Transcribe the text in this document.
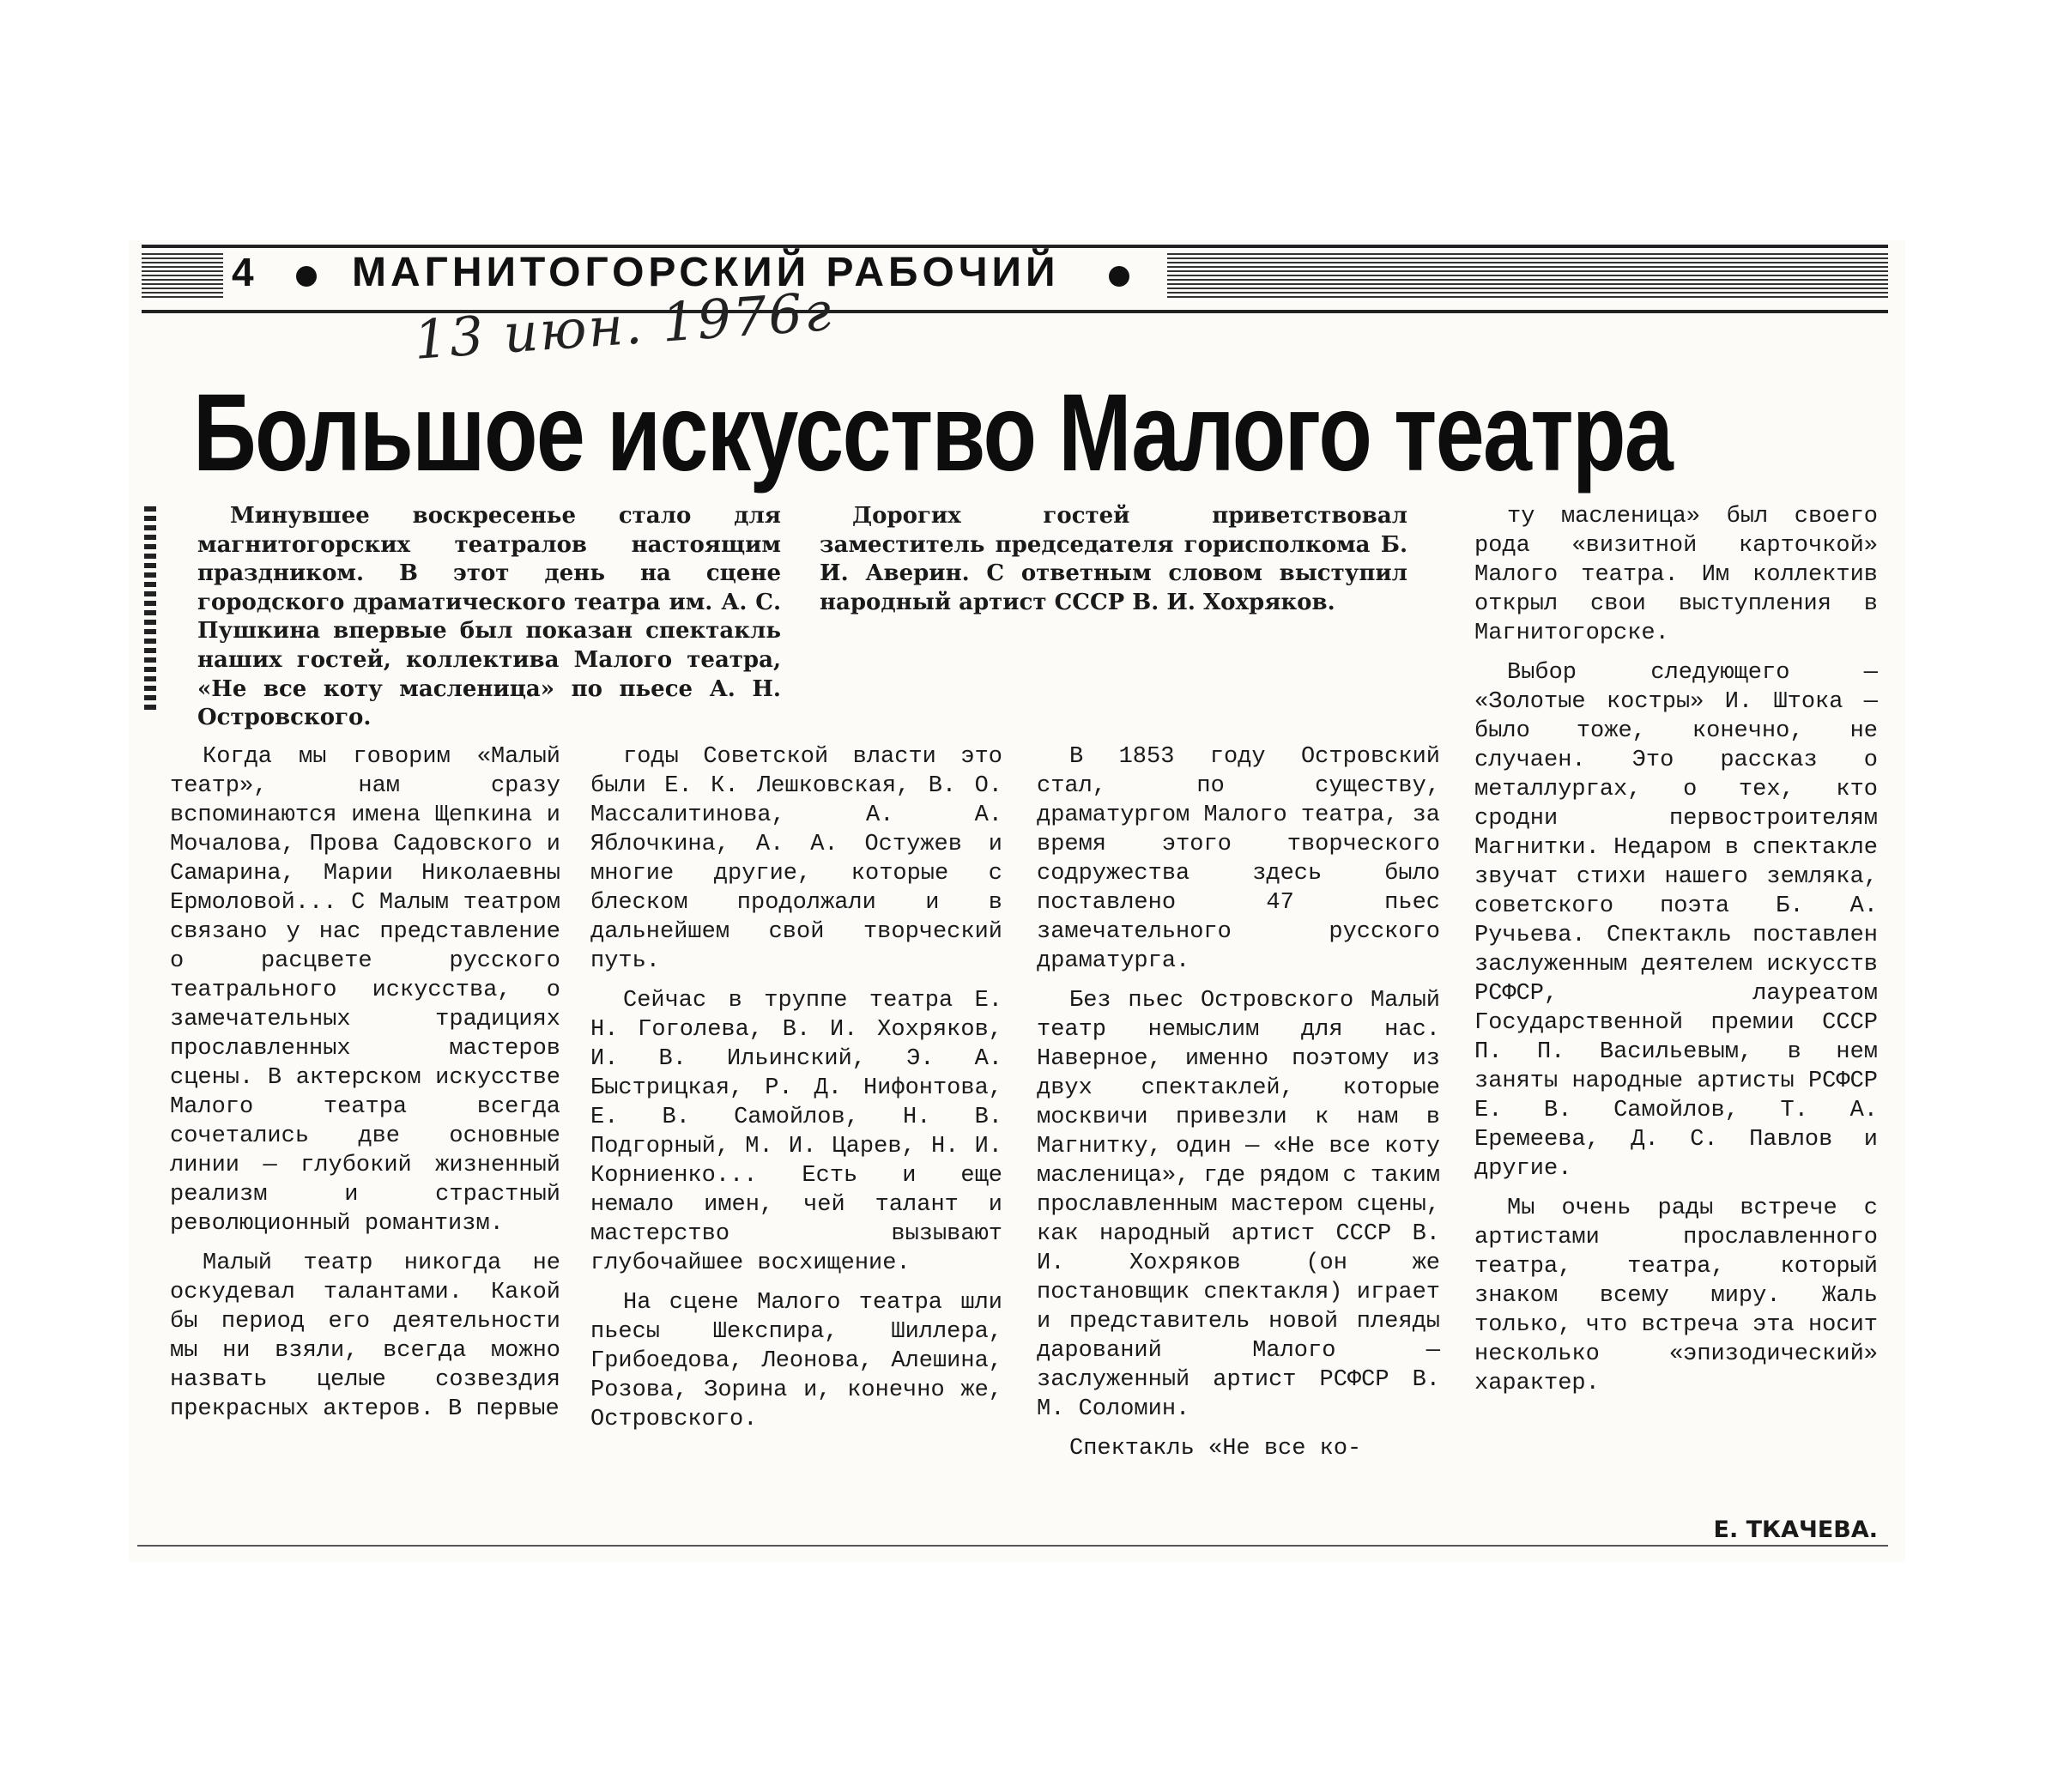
4 МАГНИТОГОРСКИЙ РАБОЧИЙ
13 июн. 1976г
Большое искусство Малого театра

Минувшее воскресенье стало для магнитогорских театралов настоящим праздником. В этот день на сцене городского драматического театра им. А. С. Пушкина впервые был показан спектакль наших гостей, коллектива Малого театра, «Не все коту масленица» по пьесе А. Н. Островского.

Дорогих гостей приветствовал заместитель председателя горисполкома Б. И. Аверин. С ответным словом выступил народный артист СССР В. И. Хохряков.

Когда мы говорим «Малый театр», нам сразу вспоминаются имена Щепкина и Мочалова, Прова Садовского и Самарина, Марии Николаевны Ермоловой... С Малым театром связано у нас представление о расцвете русского театрального искусства, о замечательных традициях прославленных мастеров сцены. В актерском искусстве Малого театра всегда сочетались две основные линии — глубокий жизненный реализм и страстный революционный романтизм.

Малый театр никогда не оскудевал талантами. Какой бы период его деятельности мы ни взяли, всегда можно назвать целые созвездия прекрасных актеров. В первые

годы Советской власти это были Е. К. Лешковская, В. О. Массалитинова, А. А. Яблочкина, А. А. Остужев и многие другие, которые с блеском продолжали и в дальнейшем свой творческий путь.

Сейчас в труппе театра Е. Н. Гоголева, В. И. Хохряков, И. В. Ильинский, Э. А. Быстрицкая, Р. Д. Нифонтова, Е. В. Самойлов, Н. В. Подгорный, М. И. Царев, Н. И. Корниенко... Есть и еще немало имен, чей талант и мастерство вызывают глубочайшее восхищение.

На сцене Малого театра шли пьесы Шекспира, Шиллера, Грибоедова, Леонова, Алешина, Розова, Зорина и, конечно же, Островского.

В 1853 году Островский стал, по существу, драматургом Малого театра, за время этого творческого содружества здесь было поставлено 47 пьес замечательного русского драматурга.

Без пьес Островского Малый театр немыслим для нас. Наверное, именно поэтому из двух спектаклей, которые москвичи привезли к нам в Магнитку, один — «Не все коту масленица», где рядом с таким прославленным мастером сцены, как народный артист СССР В. И. Хохряков (он же постановщик спектакля) играет и представитель новой плеяды дарований Малого — заслуженный артист РСФСР В. М. Соломин.

Спектакль «Не все ко-

ту масленица» был своего рода «визитной карточкой» Малого театра. Им коллектив открыл свои выступления в Магнитогорске.

Выбор следующего — «Золотые костры» И. Штока — было тоже, конечно, не случаен. Это рассказ о металлургах, о тех, кто сродни первостроителям Магнитки. Недаром в спектакле звучат стихи нашего земляка, советского поэта Б. А. Ручьева. Спектакль поставлен заслуженным деятелем искусств РСФСР, лауреатом Государственной премии СССР П. П. Васильевым, в нем заняты народные артисты РСФСР Е. В. Самойлов, Т. А. Еремеева, Д. С. Павлов и другие.

Мы очень рады встрече с артистами прославленного театра, театра, который знаком всему миру. Жаль только, что встреча эта носит несколько «эпизодический» характер.

Е. ТКАЧЕВА.
